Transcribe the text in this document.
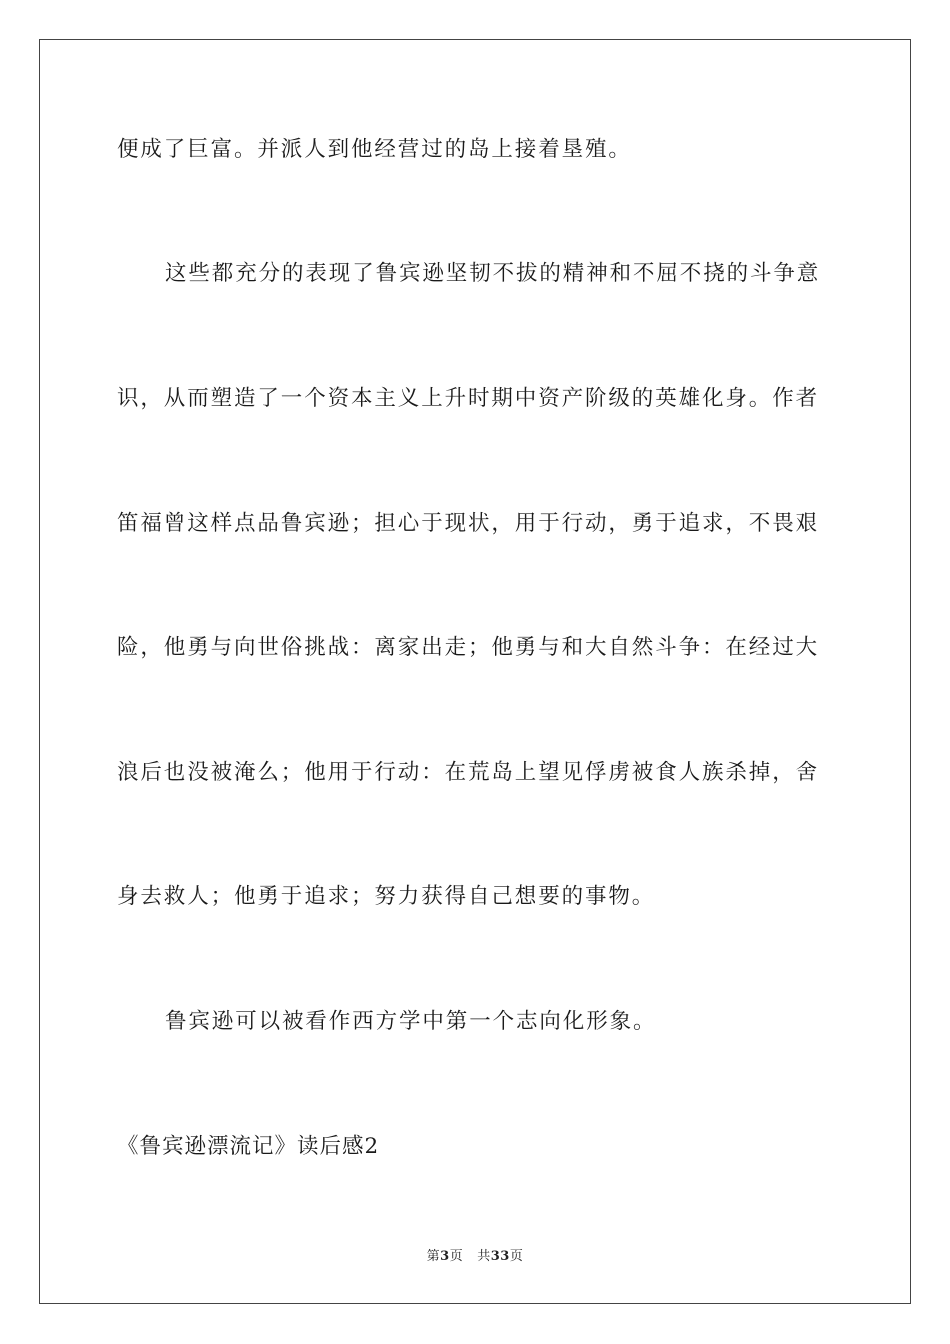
便成了巨富。并派人到他经营过的岛上接着垦殖。
这些都充分的表现了鲁宾逊坚韧不拔的精神和不屈不挠的斗争意
识，从而塑造了一个资本主义上升时期中资产阶级的英雄化身。作者
笛福曾这样点品鲁宾逊；担心于现状，用于行动，勇于追求，不畏艰
险，他勇与向世俗挑战：离家出走；他勇与和大自然斗争：在经过大
浪后也没被淹么；他用于行动：在荒岛上望见俘虏被食人族杀掉，舍
身去救人；他勇于追求；努力获得自己想要的事物。
鲁宾逊可以被看作西方学中第一个志向化形象。
《鲁宾逊漂流记》读后感2
第3页 共33页
